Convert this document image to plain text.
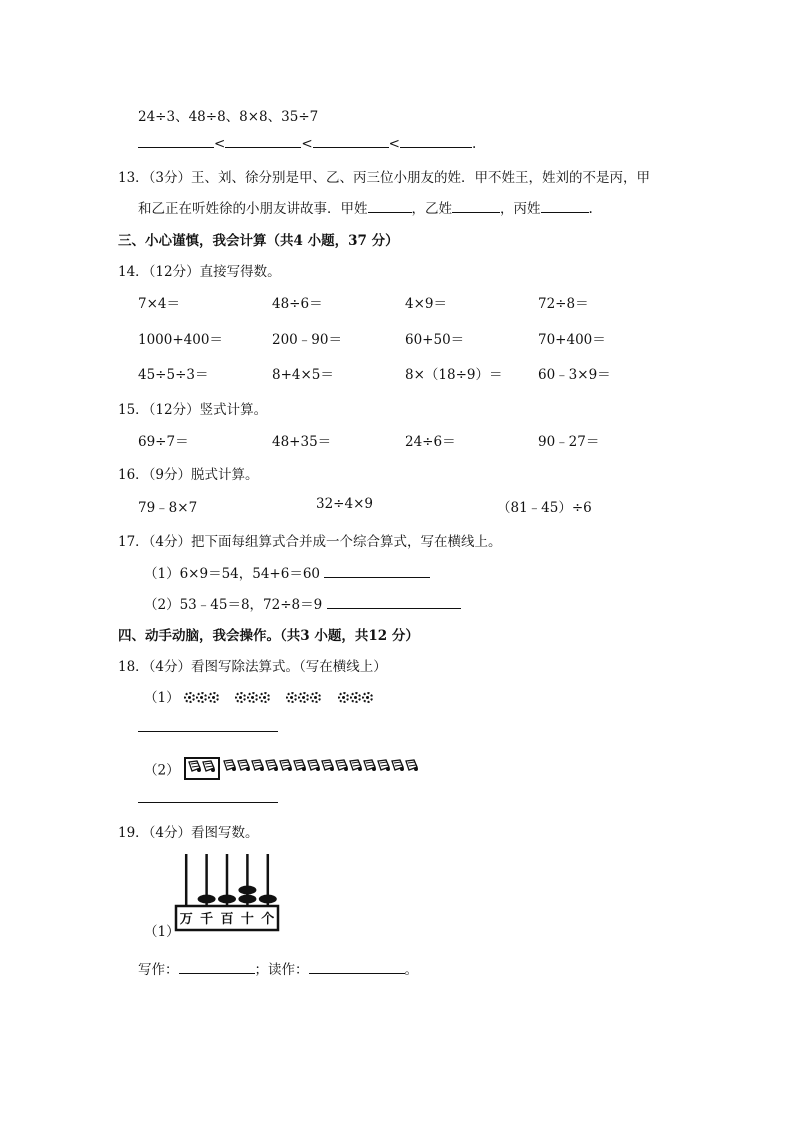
24÷3、48÷8、8×8、35÷7
<	<	<	.
13．（3分）王、刘、徐分别是甲、乙、丙三位小朋友的姓．甲不姓王，姓刘的不是丙，甲
和乙正在听姓徐的小朋友讲故事．甲姓	，乙姓	，丙姓	.
三、小心谨慎，我会计算（共4 小题，37 分）
14．（12分）直接写得数。
7×4＝	48÷6＝	4×9＝	72÷8＝
1000+400＝	200﹣90＝	60+50＝	70+400＝
45÷5÷3＝	8+4×5＝	8×（18÷9）＝	60﹣3×9＝
15．（12分）竖式计算。
69÷7＝	48+35＝	24÷6＝	90﹣27＝
16．（9分）脱式计算。
79﹣8×7	32÷4×9	（81﹣45）÷6
17．（4分）把下面每组算式合并成一个综合算式，写在横线上。
（1）6×9＝54，54+6＝60
（2）53﹣45＝8，72÷8＝9
四、动手动脑，我会操作。（共3 小题，共12 分）
18．（4分）看图写除法算式。（写在横线上）
（1）
（2）
19．（4分）看图写数。
（1）
万 千 百 十 个
写作：	；读作：	。
